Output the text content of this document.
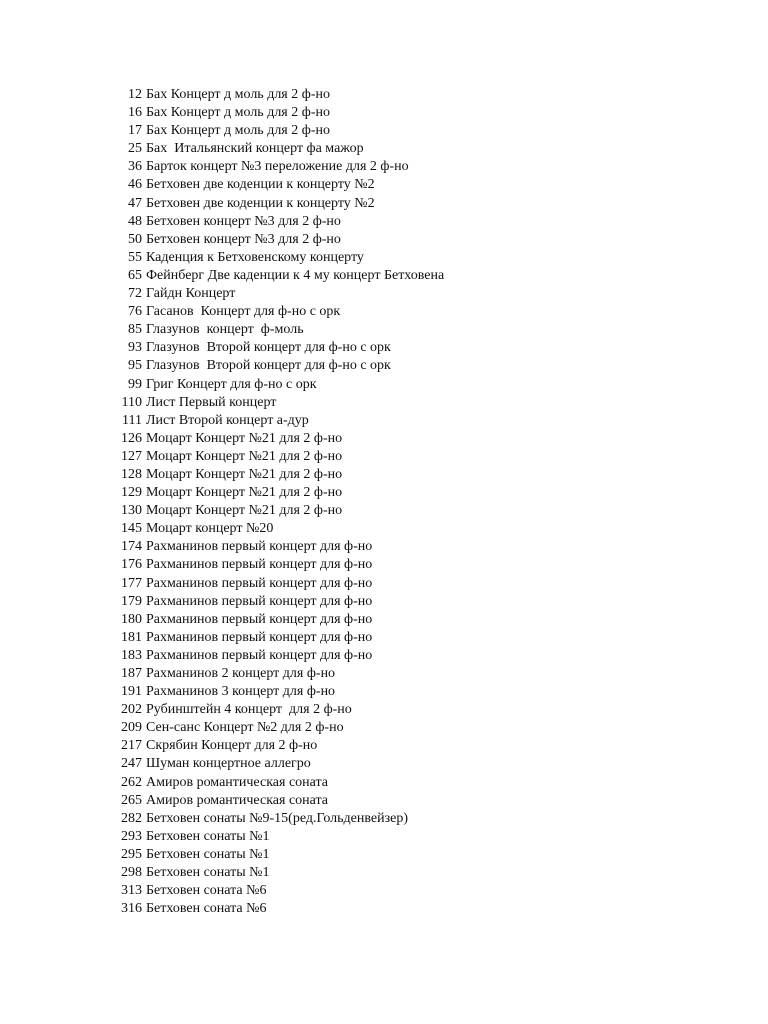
12 Бах Концерт д моль для 2 ф-но
16 Бах Концерт д моль для 2 ф-но
17 Бах Концерт д моль для 2 ф-но
25 Бах  Итальянский концерт фа мажор
36 Барток концерт №3 переложение для 2 ф-но
46 Бетховен две коденции к концерту №2
47 Бетховен две коденции к концерту №2
48 Бетховен концерт №3 для 2 ф-но
50 Бетховен концерт №3 для 2 ф-но
55 Каденция к Бетховенскому концерту
65 Фейнберг Две каденции к 4 му концерт Бетховена
72 Гайдн Концерт
76 Гасанов  Концерт для ф-но с орк
85 Глазунов  концерт  ф-моль
93 Глазунов  Второй концерт для ф-но с орк
95 Глазунов  Второй концерт для ф-но с орк
99 Григ Концерт для ф-но с орк
110 Лист Первый концерт
111 Лист Второй концерт а-дур
126 Моцарт Концерт №21 для 2 ф-но
127 Моцарт Концерт №21 для 2 ф-но
128 Моцарт Концерт №21 для 2 ф-но
129 Моцарт Концерт №21 для 2 ф-но
130 Моцарт Концерт №21 для 2 ф-но
145 Моцарт концерт №20
174 Рахманинов первый концерт для ф-но
176 Рахманинов первый концерт для ф-но
177 Рахманинов первый концерт для ф-но
179 Рахманинов первый концерт для ф-но
180 Рахманинов первый концерт для ф-но
181 Рахманинов первый концерт для ф-но
183 Рахманинов первый концерт для ф-но
187 Рахманинов 2 концерт для ф-но
191 Рахманинов 3 концерт для ф-но
202 Рубинштейн 4 концерт  для 2 ф-но
209 Сен-санс Концерт №2 для 2 ф-но
217 Скрябин Концерт для 2 ф-но
247 Шуман концертное аллегро
262 Амиров романтическая соната
265 Амиров романтическая соната
282 Бетховен сонаты №9-15(ред.Гольденвейзер)
293 Бетховен сонаты №1
295 Бетховен сонаты №1
298 Бетховен сонаты №1
313 Бетховен соната №6
316 Бетховен соната №6
